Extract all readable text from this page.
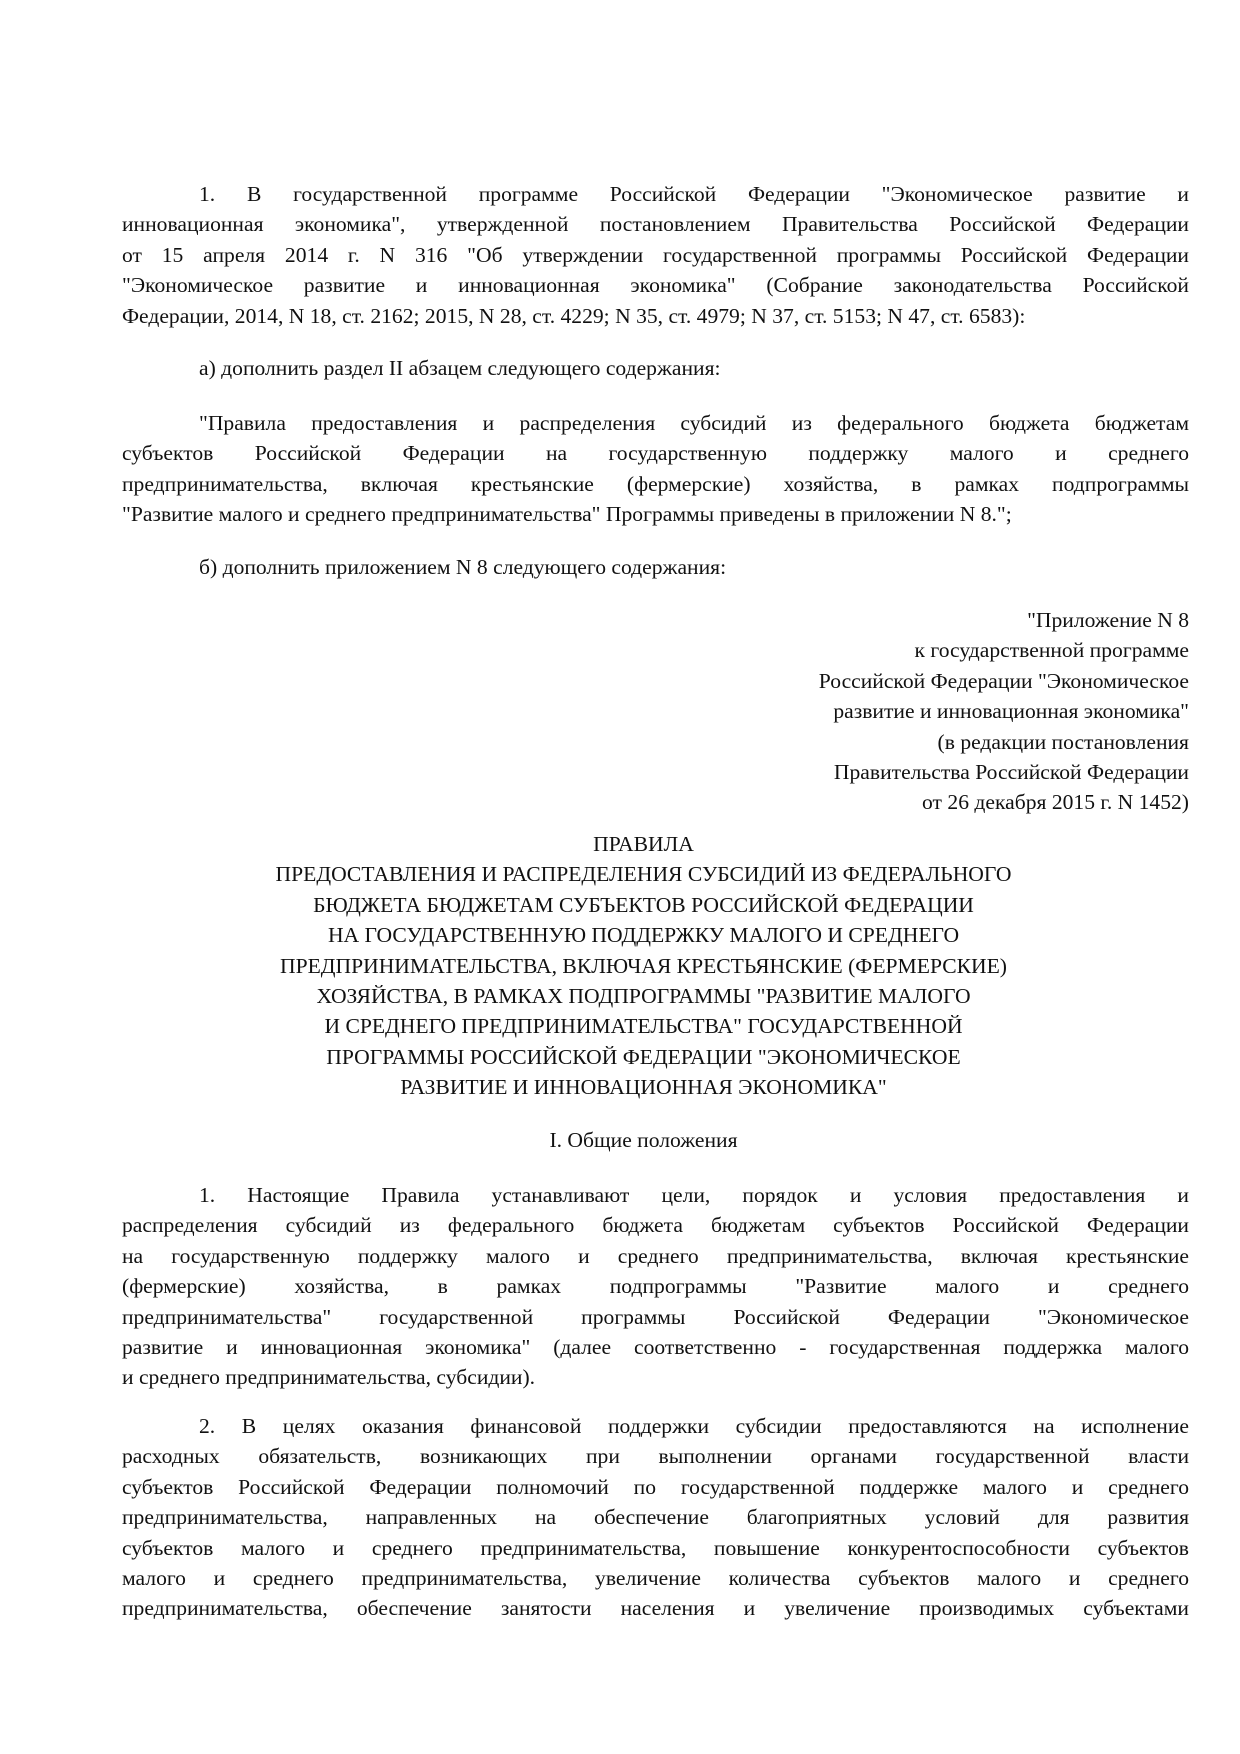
1. В государственной программе Российской Федерации "Экономическое развитие и
инновационная экономика", утвержденной постановлением Правительства Российской Федерации
от 15 апреля 2014 г. N 316 "Об утверждении государственной программы Российской Федерации
"Экономическое развитие и инновационная экономика" (Собрание законодательства Российской
Федерации, 2014, N 18, ст. 2162; 2015, N 28, ст. 4229; N 35, ст. 4979; N 37, ст. 5153; N 47, ст. 6583):
а) дополнить раздел II абзацем следующего содержания:
"Правила предоставления и распределения субсидий из федерального бюджета бюджетам
субъектов Российской Федерации на государственную поддержку малого и среднего
предпринимательства, включая крестьянские (фермерские) хозяйства, в рамках подпрограммы
"Развитие малого и среднего предпринимательства" Программы приведены в приложении N 8.";
б) дополнить приложением N 8 следующего содержания:
"Приложение N 8
к государственной программе
Российской Федерации "Экономическое
развитие и инновационная экономика"
(в редакции постановления
Правительства Российской Федерации
от 26 декабря 2015 г. N 1452)
ПРАВИЛА
ПРЕДОСТАВЛЕНИЯ И РАСПРЕДЕЛЕНИЯ СУБСИДИЙ ИЗ ФЕДЕРАЛЬНОГО
БЮДЖЕТА БЮДЖЕТАМ СУБЪЕКТОВ РОССИЙСКОЙ ФЕДЕРАЦИИ
НА ГОСУДАРСТВЕННУЮ ПОДДЕРЖКУ МАЛОГО И СРЕДНЕГО
ПРЕДПРИНИМАТЕЛЬСТВА, ВКЛЮЧАЯ КРЕСТЬЯНСКИЕ (ФЕРМЕРСКИЕ)
ХОЗЯЙСТВА, В РАМКАХ ПОДПРОГРАММЫ "РАЗВИТИЕ МАЛОГО
И СРЕДНЕГО ПРЕДПРИНИМАТЕЛЬСТВА" ГОСУДАРСТВЕННОЙ
ПРОГРАММЫ РОССИЙСКОЙ ФЕДЕРАЦИИ "ЭКОНОМИЧЕСКОЕ
РАЗВИТИЕ И ИННОВАЦИОННАЯ ЭКОНОМИКА"
I. Общие положения
1. Настоящие Правила устанавливают цели, порядок и условия предоставления и
распределения субсидий из федерального бюджета бюджетам субъектов Российской Федерации
на государственную поддержку малого и среднего предпринимательства, включая крестьянские
(фермерские) хозяйства, в рамках подпрограммы "Развитие малого и среднего
предпринимательства" государственной программы Российской Федерации "Экономическое
развитие и инновационная экономика" (далее соответственно - государственная поддержка малого
и среднего предпринимательства, субсидии).
2. В целях оказания финансовой поддержки субсидии предоставляются на исполнение
расходных обязательств, возникающих при выполнении органами государственной власти
субъектов Российской Федерации полномочий по государственной поддержке малого и среднего
предпринимательства, направленных на обеспечение благоприятных условий для развития
субъектов малого и среднего предпринимательства, повышение конкурентоспособности субъектов
малого и среднего предпринимательства, увеличение количества субъектов малого и среднего
предпринимательства, обеспечение занятости населения и увеличение производимых субъектами
